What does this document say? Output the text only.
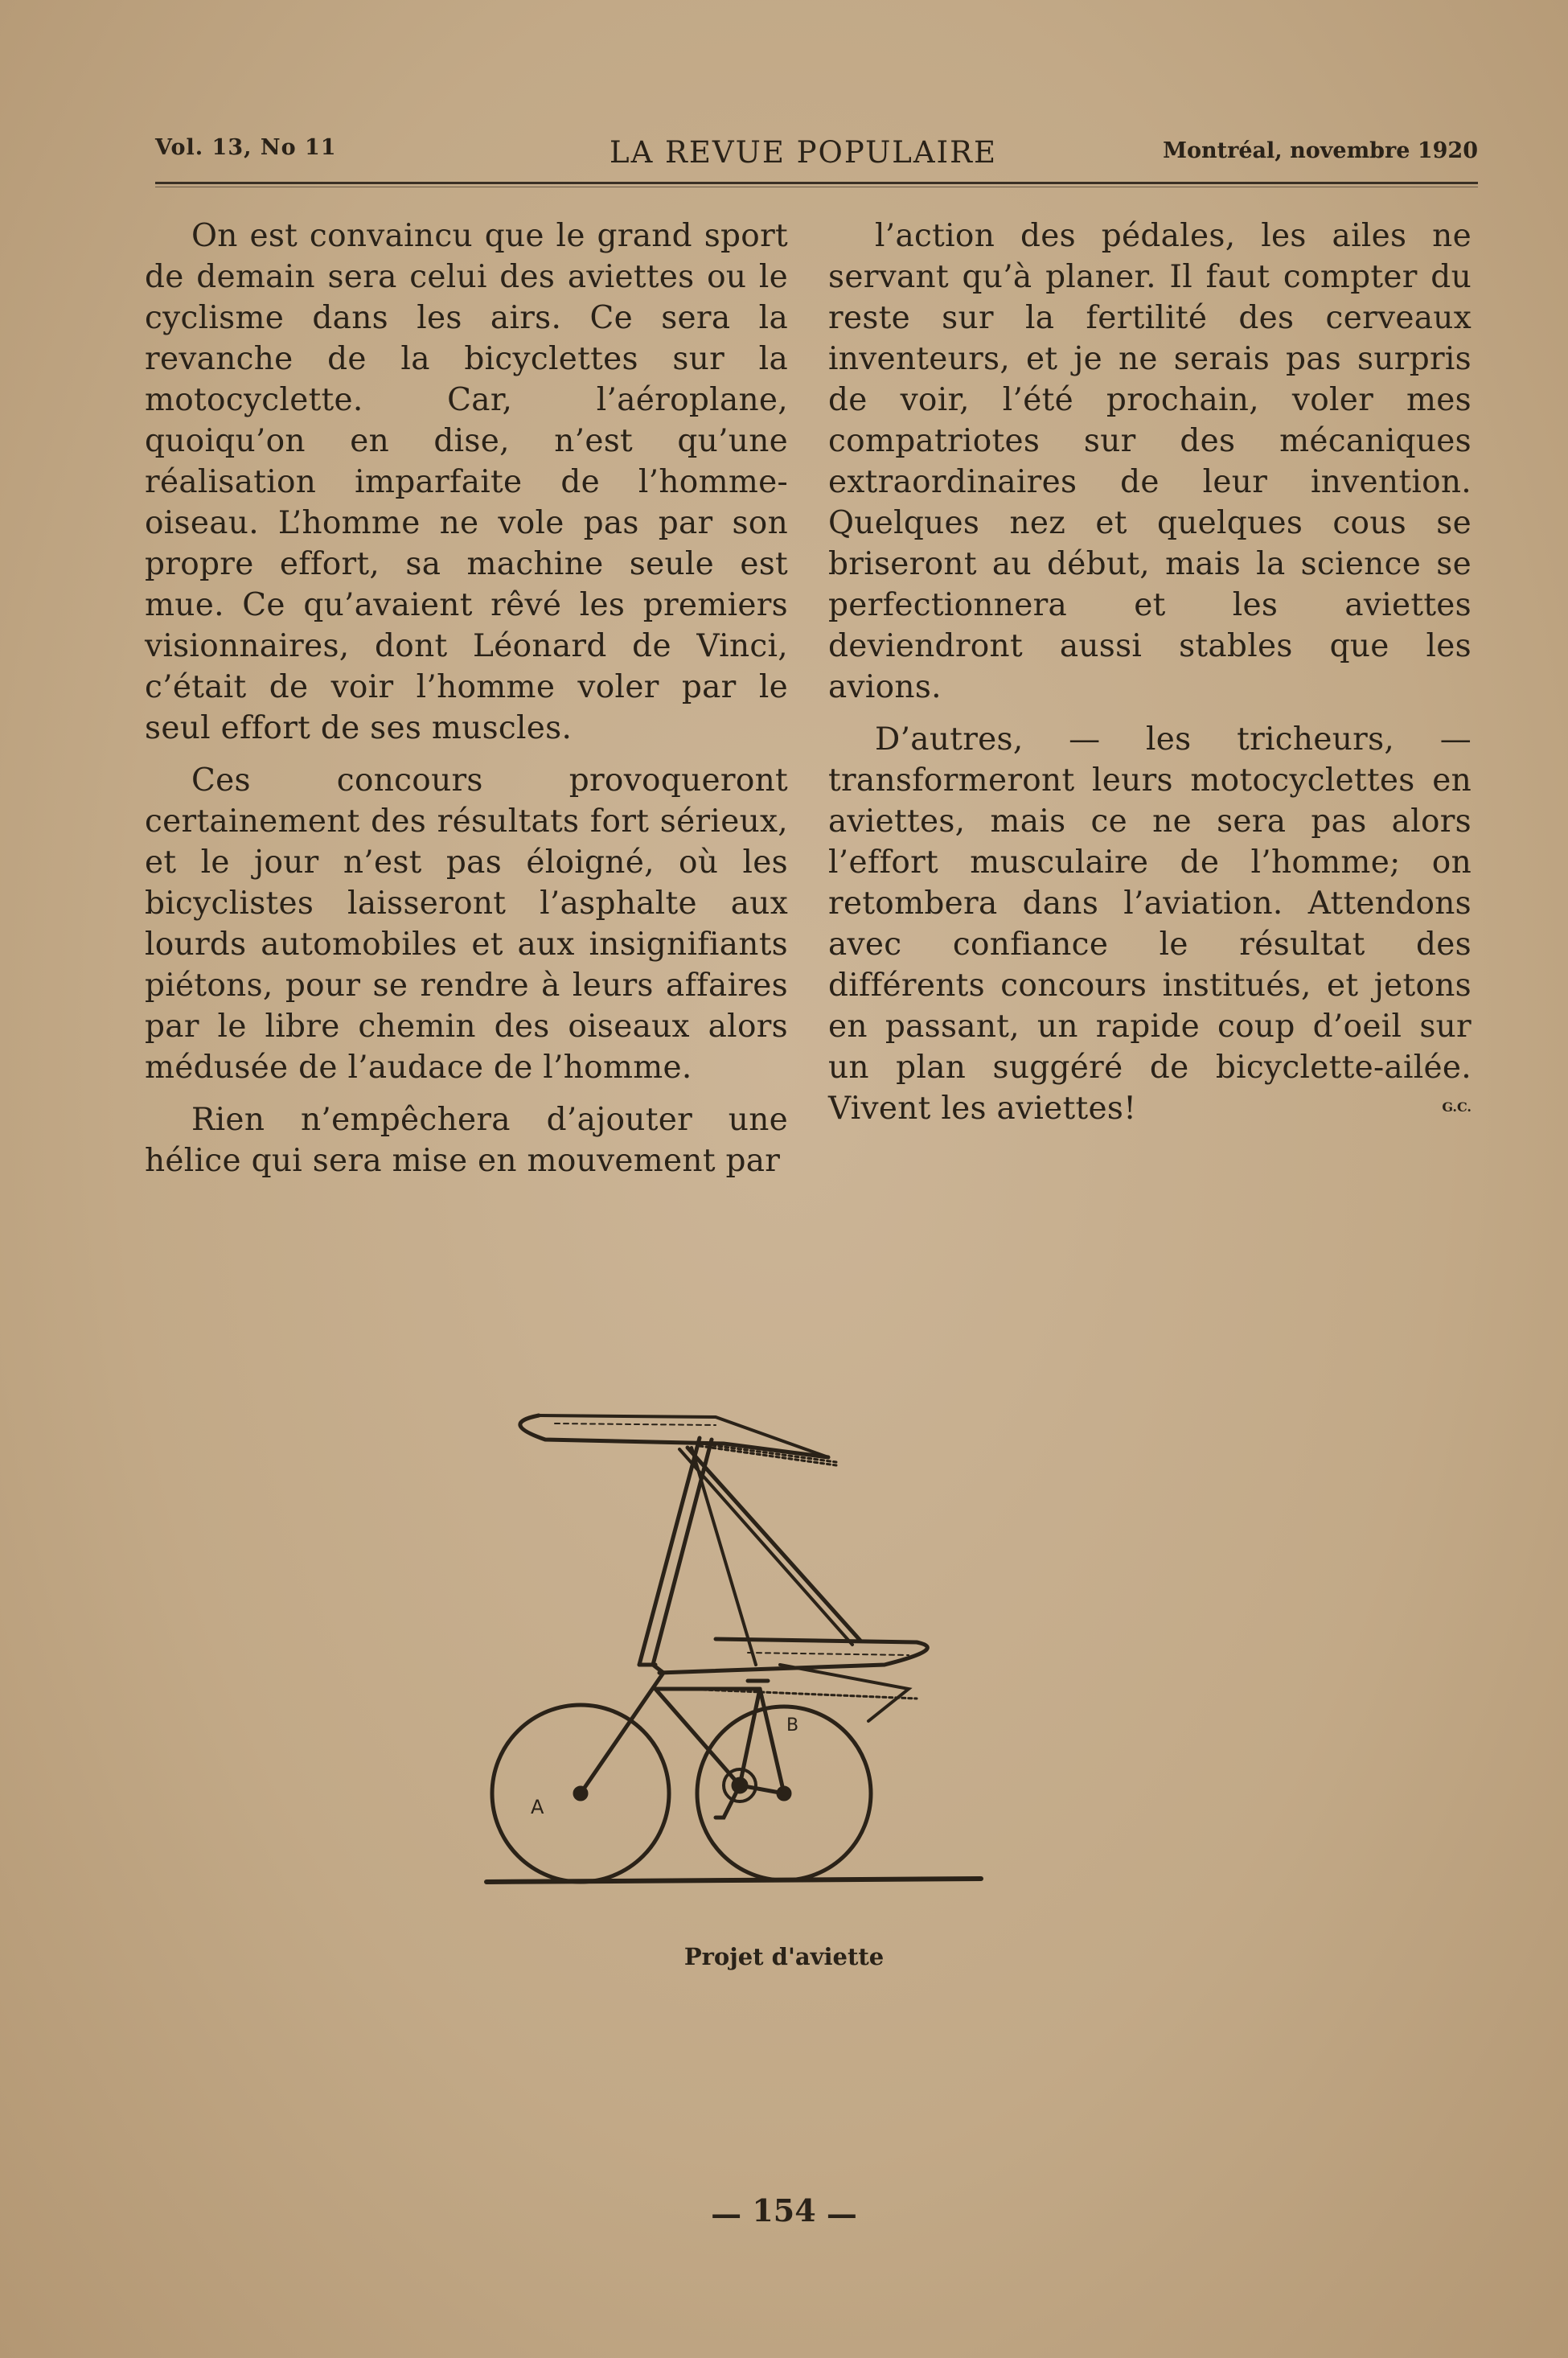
Vol. 13, No 11	LA REVUE POPULAIRE	Montréal, novembre 1920

On est convaincu que le grand sport de demain sera celui des aviettes ou le cyclisme dans les airs. Ce sera la revanche de la bicyclettes sur la motocyclette. Car, l’aéroplane, quoiqu’on en dise, n’est qu’une réalisation imparfaite de l’homme-oiseau. L’homme ne vole pas par son propre effort, sa machine seule est mue. Ce qu’avaient rêvé les premiers visionnaires, dont Léonard de Vinci, c’était de voir l’homme voler par le seul effort de ses muscles.

Ces concours provoqueront certainement des résultats fort sérieux, et le jour n’est pas éloigné, où les bicyclistes laisseront l’asphalte aux lourds automobiles et aux insignifiants piétons, pour se rendre à leurs affaires par le libre chemin des oiseaux alors médusée de l’audace de l’homme.

Rien n’empêchera d’ajouter une hélice qui sera mise en mouvement par

l’action des pédales, les ailes ne servant qu’à planer. Il faut compter du reste sur la fertilité des cerveaux inventeurs, et je ne serais pas surpris de voir, l’été prochain, voler mes compatriotes sur des mécaniques extraordinaires de leur invention. Quelques nez et quelques cous se briseront au début, mais la science se perfectionnera et les aviettes deviendront aussi stables que les avions.

D’autres, — les tricheurs, — transformeront leurs motocyclettes en aviettes, mais ce ne sera pas alors l’effort musculaire de l’homme; on retombera dans l’aviation. Attendons avec confiance le résultat des différents concours institués, et jetons en passant, un rapide coup d’oeil sur un plan suggéré de bicyclette-ailée. Vivent les aviettes!	G.C.
A
B
Projet d'aviette
— 154 —
